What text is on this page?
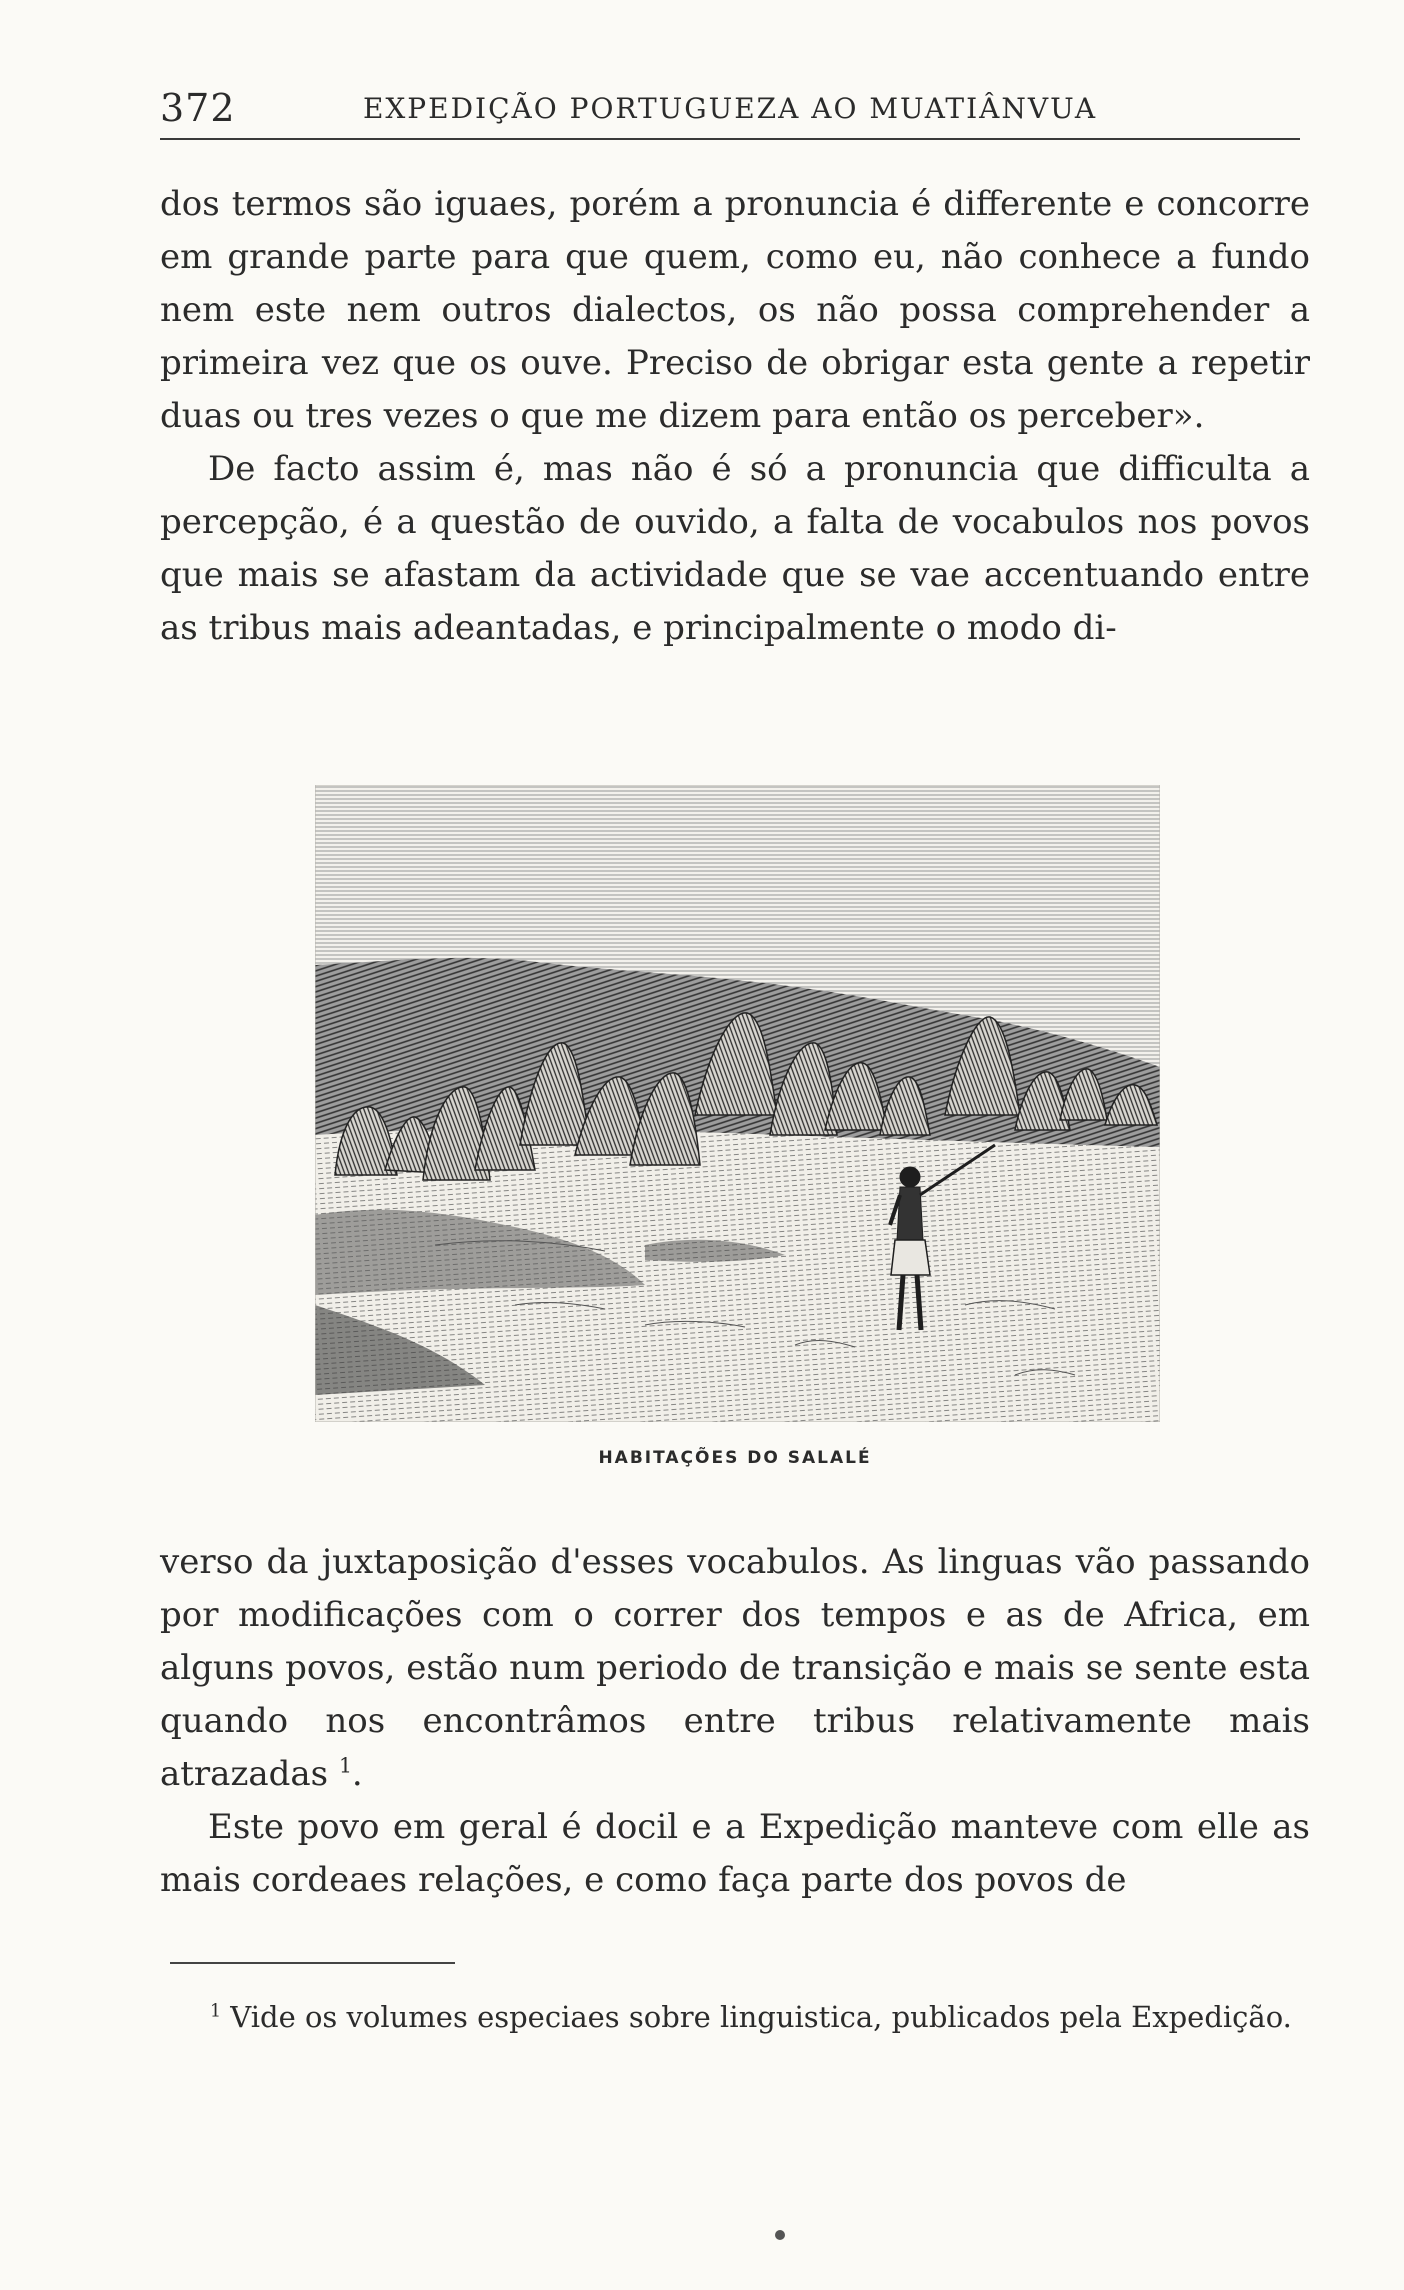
372	EXPEDIÇÃO PORTUGUEZA AO MUATIÂNVUA

dos termos são iguaes, porém a pronuncia é differente e concorre em grande parte para que quem, como eu, não conhece a fundo nem este nem outros dialectos, os não possa comprehender a primeira vez que os ouve. Preciso de obrigar esta gente a repetir duas ou tres vezes o que me dizem para então os perceber».

De facto assim é, mas não é só a pronuncia que difficulta a percepção, é a questão de ouvido, a falta de vocabulos nos povos que mais se afastam da actividade que se vae accentuando entre as tribus mais adeantadas, e principalmente o modo di-

HABITAÇÕES DO SALALÉ

verso da juxtaposição d'esses vocabulos. As linguas vão passando por modificações com o correr dos tempos e as de Africa, em alguns povos, estão num periodo de transição e mais se sente esta quando nos encontrâmos entre tribus relativamente mais atrazadas $^1$.

Este povo em geral é docil e a Expedição manteve com elle as mais cordeaes relações, e como faça parte dos povos de

$^1$ Vide os volumes especiaes sobre linguistica, publicados pela Expedição.
